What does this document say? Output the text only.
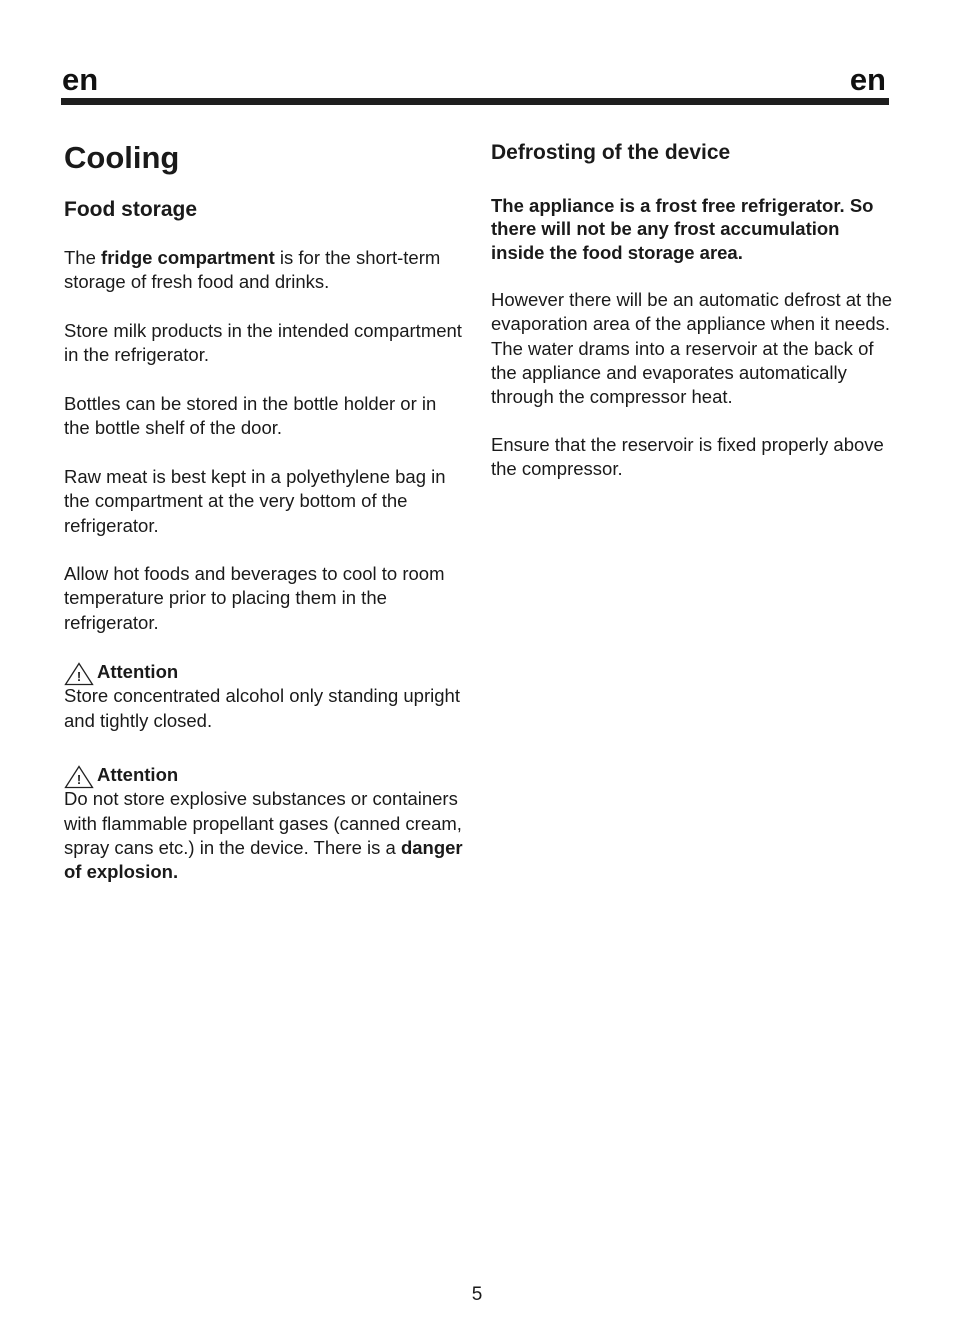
en	en
Cooling
Food storage
The fridge compartment is for the short-term storage of fresh food and drinks.
Store milk products in the intended compartment in the refrigerator.
Bottles can be stored in the bottle holder or in the bottle shelf of the door.
Raw meat is best kept in a polyethylene bag in the compartment at the very bottom of the refrigerator.
Allow hot foods and beverages to cool to room temperature prior to placing them in the refrigerator.
! Attention
Store concentrated alcohol only standing upright and tightly closed.
! Attention
Do not store explosive substances or containers with flammable propellant gases (canned cream, spray cans etc.) in the device. There is a danger of explosion.
Defrosting of the device
The appliance is a frost free refrigerator. So there will not be any frost accumulation inside the food storage area.
However there will be an automatic defrost at the evaporation area of the appliance when it needs. The water drams into a reservoir at the back of the appliance and evaporates automatically through the compressor heat.
Ensure that the reservoir is fixed properly above the compressor.
5
